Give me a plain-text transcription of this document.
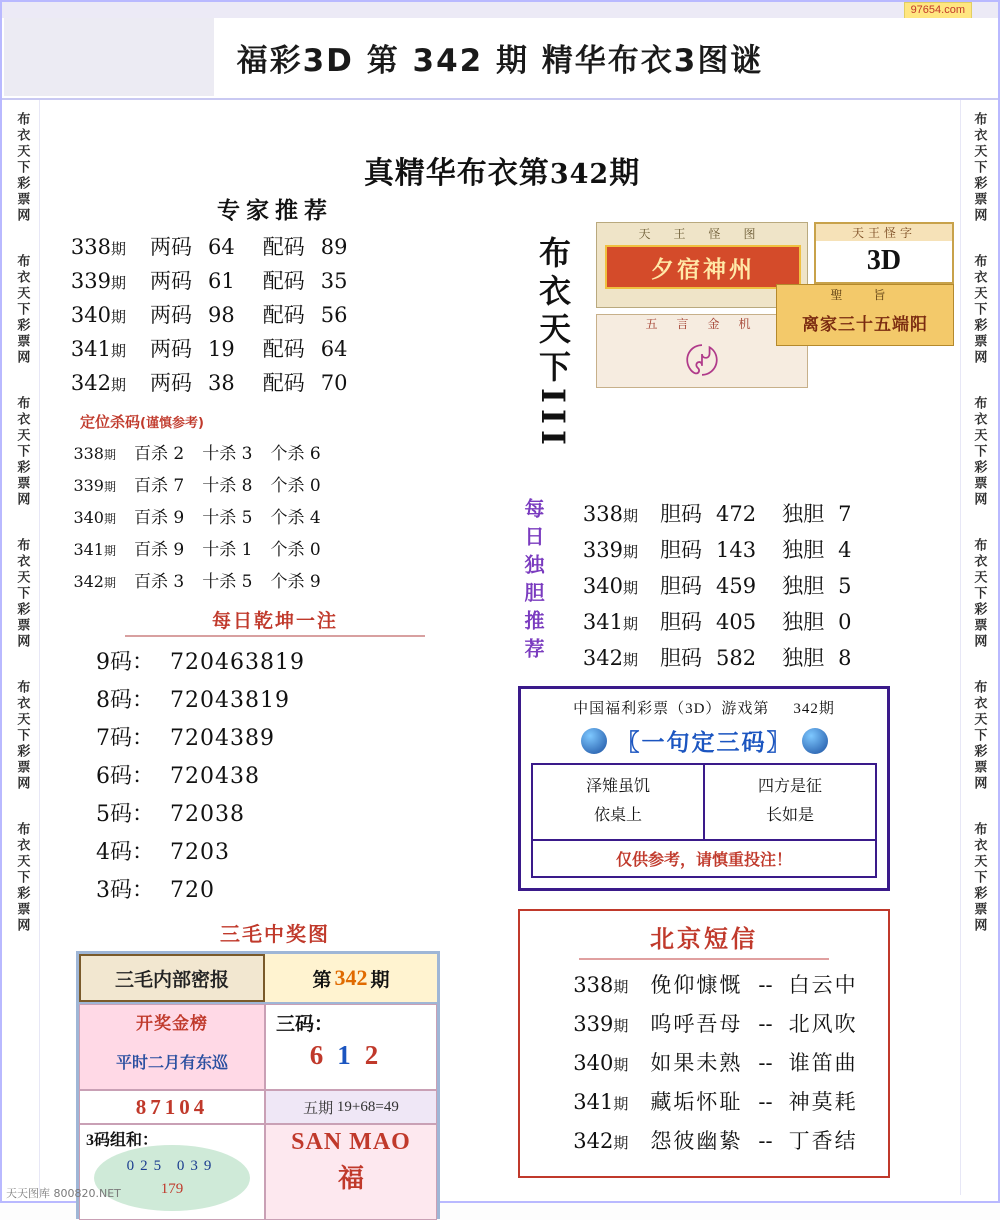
97654.com
福彩3D 第 342 期 精华布衣3图谜
布衣天下彩票网
布衣天下彩票网
布衣天下彩票网
布衣天下彩票网
布衣天下彩票网
布衣天下彩票网
布衣天下彩票网
布衣天下彩票网
布衣天下彩票网
布衣天下彩票网
布衣天下彩票网
布衣天下彩票网
真精华布衣第342期
专家推荐
338期 两码 64 配码 89
339期 两码 61 配码 35
340期 两码 98 配码 56
341期 两码 19 配码 64
342期 两码 38 配码 70
定位杀码(谨慎参考)
338期 百杀 2 十杀 3 个杀 6
339期 百杀 7 十杀 8 个杀 0
340期 百杀 9 十杀 5 个杀 4
341期 百杀 9 十杀 1 个杀 0
342期 百杀 3 十杀 5 个杀 9
每日乾坤一注
9码： 720463819
8码： 72043819
7码： 7204389
6码： 720438
5码： 72038
4码： 7203
3码： 720
三毛中奖图
三毛内部密报	第 342 期
开奖金榜
平时二月有东巡
三码：
612
87104	五期
19+68=49
3码组和：
025 039
179
SAN MAO
福
布衣天下III
天 王 怪 图
夕宿神州
天王怪字
3D
五 言 金 机
〄
聖 旨
离家三十五端阳
每日独胆推荐	338期 胆码 472 独胆 7
339期 胆码 143 独胆 4
340期 胆码 459 独胆 5
341期 胆码 405 独胆 0
342期 胆码 582 独胆 8
中国福利彩票（3D）游戏第 342期
〖一句定三码〗
泽雉虽饥
依桌上
四方是征
长如是
仅供参考，请慎重投注！
北京短信
338期 俛仰慷慨 -- 白云中
339期 呜呼吾母 -- 北风吹
340期 如果未熟 -- 谁笛曲
341期 藏垢怀耻 -- 神莫耗
342期 怨彼幽絷 -- 丁香结
天天图库 800820.NET
